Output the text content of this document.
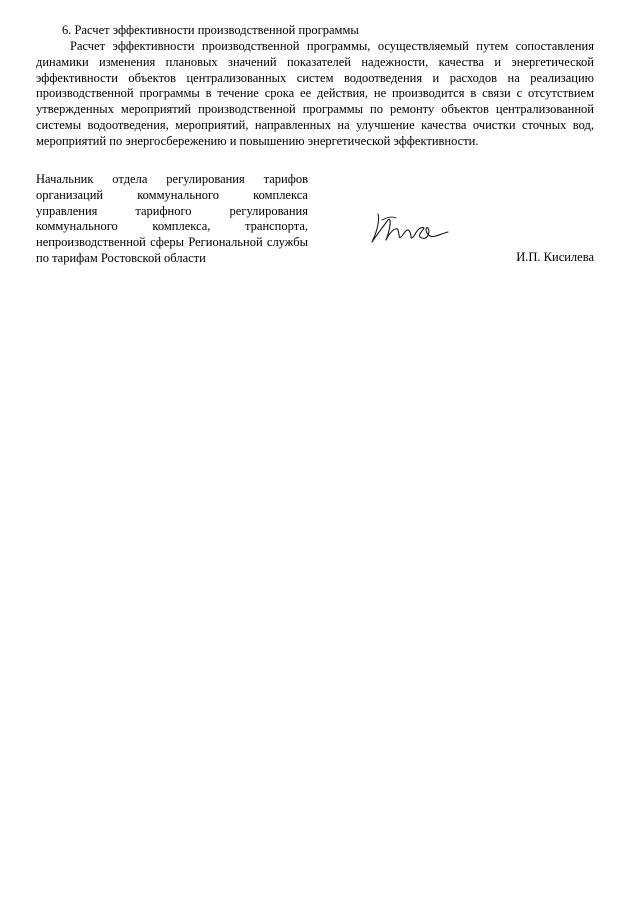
6. Расчет эффективности производственной программы

Расчет эффективности производственной программы, осуществляемый путем сопоставления динамики изменения плановых значений показателей надежности, качества и энергетической эффективности объектов централизованных систем водоотведения и расходов на реализацию производственной программы в течение срока ее действия, не производится в связи с отсутствием утвержденных мероприятий производственной программы по ремонту объектов централизованной системы водоотведения, мероприятий, направленных на улучшение качества очистки сточных вод, мероприятий по энергосбережению и повышению энергетической эффективности.

Начальник отдела регулирования тарифов организаций коммунального комплекса управления тарифного регулирования коммунального комплекса, транспорта, непроизводственной сферы Региональной службы по тарифам Ростовской области	И.П. Кисилева
